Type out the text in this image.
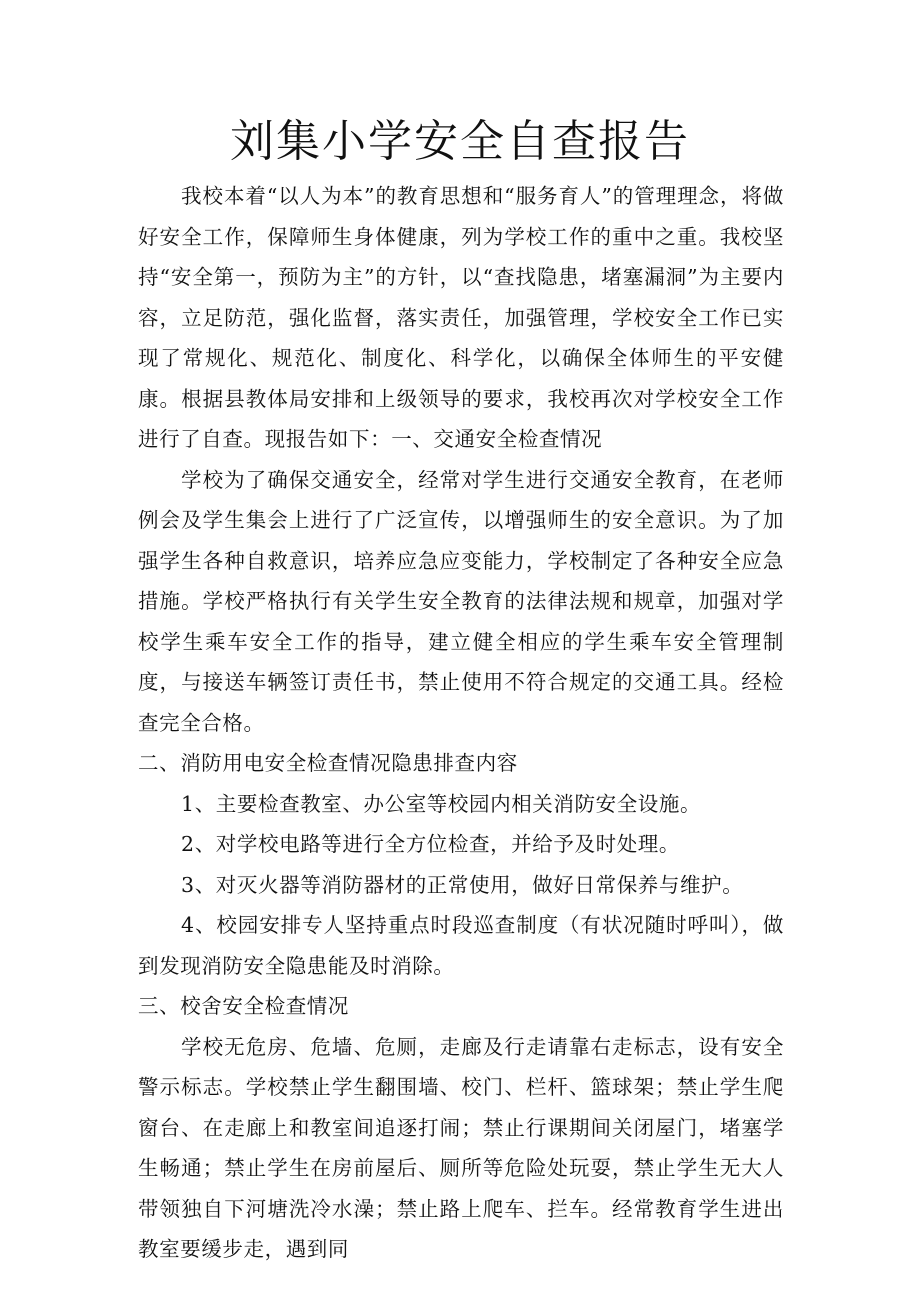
刘集小学安全自查报告

我校本着“以人为本”的教育思想和“服务育人”的管理理念，将做好安全工作，保障师生身体健康，列为学校工作的重中之重。我校坚持“安全第一，预防为主”的方针，以“查找隐患，堵塞漏洞”为主要内容，立足防范，强化监督，落实责任，加强管理，学校安全工作已实现了常规化、规范化、制度化、科学化，以确保全体师生的平安健康。根据县教体局安排和上级领导的要求，我校再次对学校安全工作进行了自查。现报告如下：一、交通安全检查情况

学校为了确保交通安全，经常对学生进行交通安全教育，在老师例会及学生集会上进行了广泛宣传，以增强师生的安全意识。为了加强学生各种自救意识，培养应急应变能力，学校制定了各种安全应急措施。学校严格执行有关学生安全教育的法律法规和规章，加强对学校学生乘车安全工作的指导，建立健全相应的学生乘车安全管理制度，与接送车辆签订责任书，禁止使用不符合规定的交通工具。经检查完全合格。

二、消防用电安全检查情况隐患排查内容

1、主要检查教室、办公室等校园内相关消防安全设施。

2、对学校电路等进行全方位检查，并给予及时处理。

3、对灭火器等消防器材的正常使用，做好日常保养与维护。

4、校园安排专人坚持重点时段巡查制度（有状况随时呼叫），做到发现消防安全隐患能及时消除。

三、校舍安全检查情况

学校无危房、危墙、危厕，走廊及行走请靠右走标志，设有安全警示标志。学校禁止学生翻围墙、校门、栏杆、篮球架；禁止学生爬窗台、在走廊上和教室间追逐打闹；禁止行课期间关闭屋门，堵塞学生畅通；禁止学生在房前屋后、厕所等危险处玩耍，禁止学生无大人带领独自下河塘洗冷水澡；禁止路上爬车、拦车。经常教育学生进出教室要缓步走，遇到同
